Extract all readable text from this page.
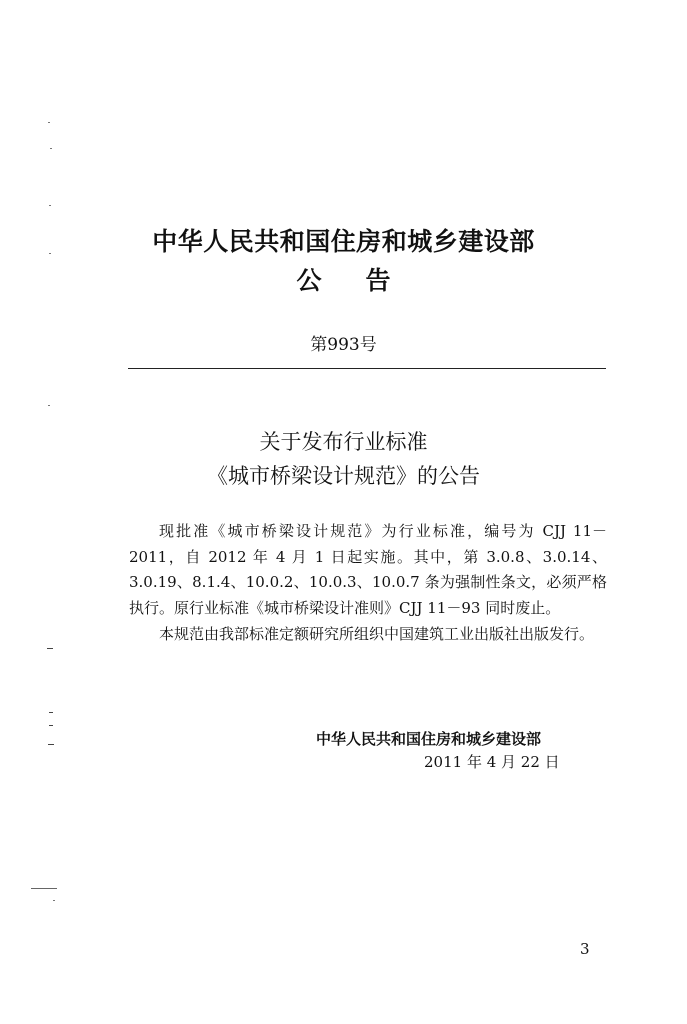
中华人民共和国住房和城乡建设部
公告
第993号
关于发布行业标准
《城市桥梁设计规范》的公告

现批准《城市桥梁设计规范》为行业标准，编号为 CJJ 11－2011，自 2012 年 4 月 1 日起实施。其中，第 3.0.8、3.0.14、3.0.19、8.1.4、10.0.2、10.0.3、10.0.7 条为强制性条文，必须严格执行。原行业标准《城市桥梁设计准则》CJJ 11－93 同时废止。

本规范由我部标准定额研究所组织中国建筑工业出版社出版发行。

中华人民共和国住房和城乡建设部
2011 年 4 月 22 日
3
